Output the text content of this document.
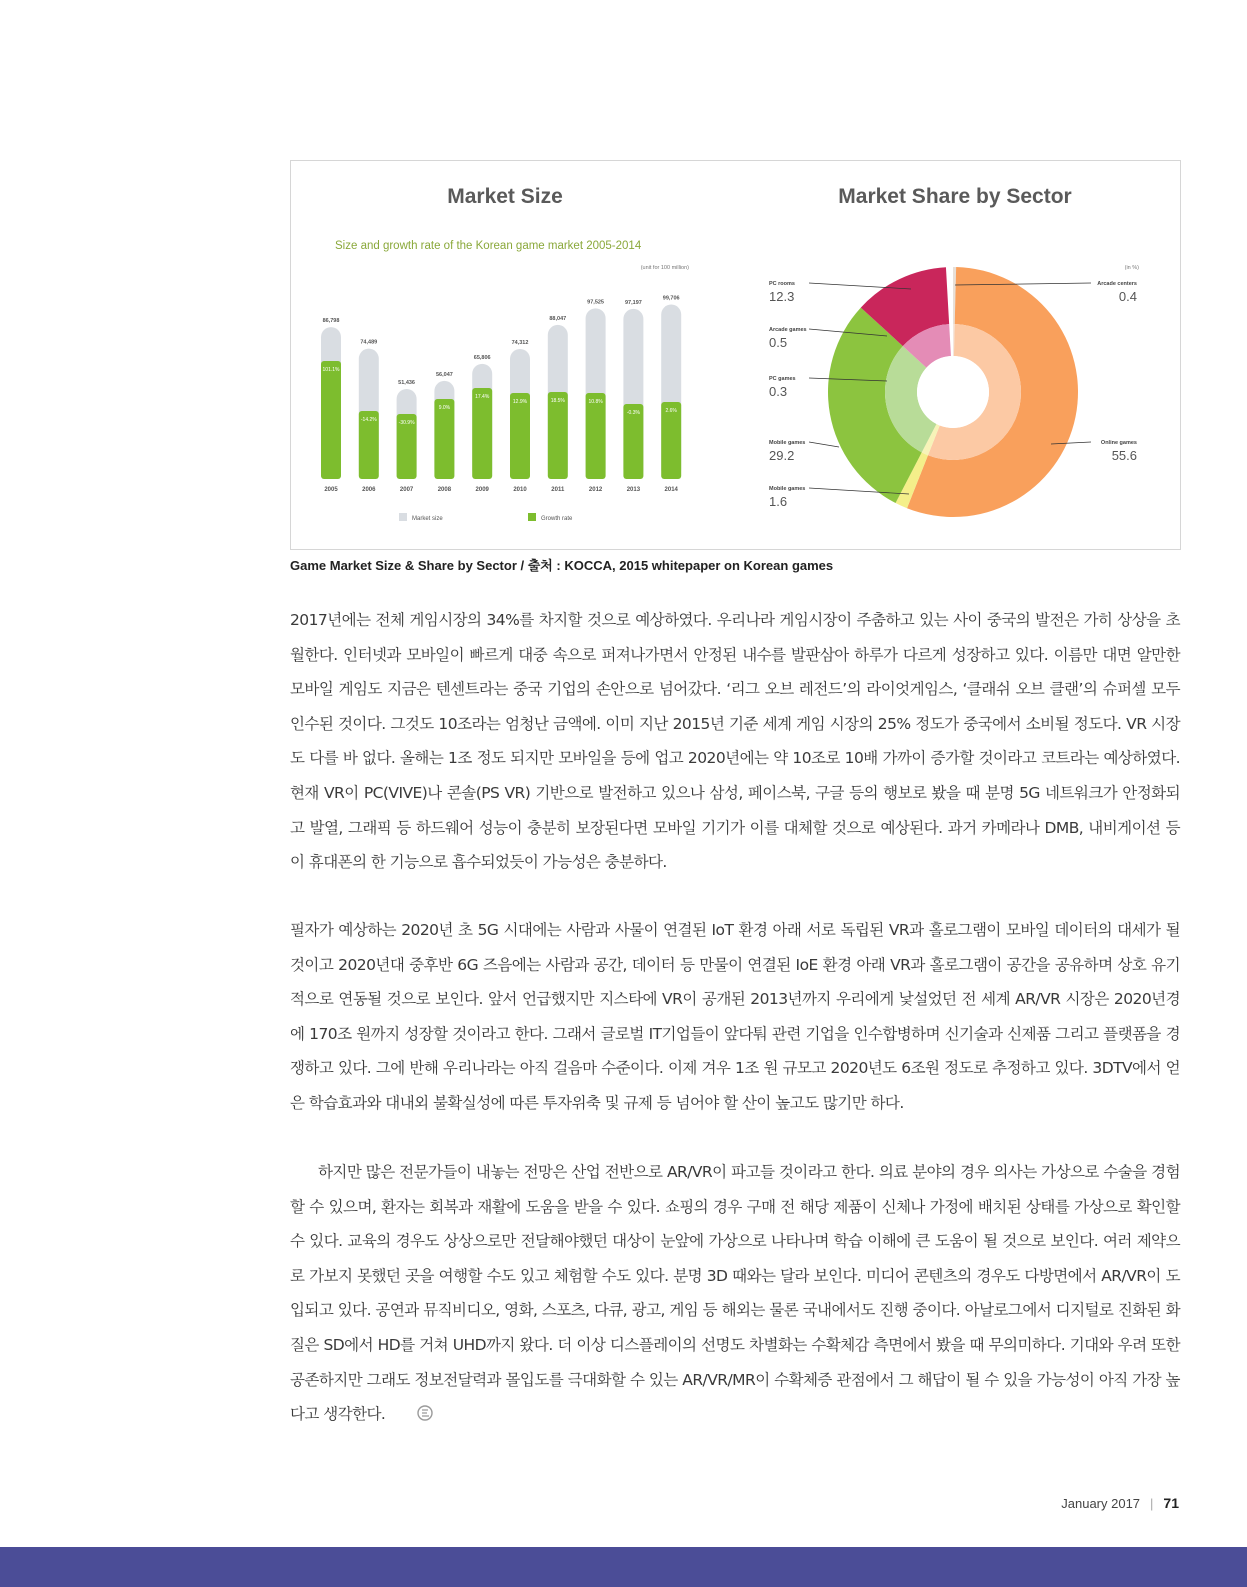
Market Size
Size and growth rate of the Korean game market 2005-2014
(unit for 100 million)
86,798
101.1%
2005
74,489
-14.2%
2006
51,436
-30.9%
2007
56,047
9.0%
2008
65,806
17.4%
2009
74,312
12.9%
2010
88,047
18.5%
2011
97,525
10.8%
2012
97,197
-0.3%
2013
99,706
2.6%
2014
Market size	Growth rate
Market Share by Sector
(in %)
PC rooms
12.3
Arcade games
0.5
PC games
0.3
Mobile games
29.2
Mobile games
1.6
Arcade centers
0.4
Online games
55.6
Game Market Size & Share by Sector / 출처 : KOCCA, 2015 whitepaper on Korean games

2017년에는 전체 게임시장의 34%를 차지할 것으로 예상하였다. 우리나라 게임시장이 주춤하고 있는 사이 중국의 발전은 가히 상상을 초월한다. 인터넷과 모바일이 빠르게 대중 속으로 퍼져나가면서 안정된 내수를 발판삼아 하루가 다르게 성장하고 있다. 이름만 대면 알만한 모바일 게임도 지금은 텐센트라는 중국 기업의 손안으로 넘어갔다. ‘리그 오브 레전드’의 라이엇게임스, ‘클래쉬 오브 클랜’의 슈퍼셀 모두 인수된 것이다. 그것도 10조라는 엄청난 금액에. 이미 지난 2015년 기준 세계 게임 시장의 25% 정도가 중국에서 소비될 정도다. VR 시장도 다를 바 없다. 올해는 1조 정도 되지만 모바일을 등에 업고 2020년에는 약 10조로 10배 가까이 증가할 것이라고 코트라는 예상하였다. 현재 VR이 PC(VIVE)나 콘솔(PS VR) 기반으로 발전하고 있으나 삼성, 페이스북, 구글 등의 행보로 봤을 때 분명 5G 네트워크가 안정화되고 발열, 그래픽 등 하드웨어 성능이 충분히 보장된다면 모바일 기기가 이를 대체할 것으로 예상된다. 과거 카메라나 DMB, 내비게이션 등이 휴대폰의 한 기능으로 흡수되었듯이 가능성은 충분하다.

필자가 예상하는 2020년 초 5G 시대에는 사람과 사물이 연결된 IoT 환경 아래 서로 독립된 VR과 홀로그램이 모바일 데이터의 대세가 될 것이고 2020년대 중후반 6G 즈음에는 사람과 공간, 데이터 등 만물이 연결된 IoE 환경 아래 VR과 홀로그램이 공간을 공유하며 상호 유기적으로 연동될 것으로 보인다. 앞서 언급했지만 지스타에 VR이 공개된 2013년까지 우리에게 낯설었던 전 세계 AR/VR 시장은 2020년경에 170조 원까지 성장할 것이라고 한다. 그래서 글로벌 IT기업들이 앞다퉈 관련 기업을 인수합병하며 신기술과 신제품 그리고 플랫폼을 경쟁하고 있다. 그에 반해 우리나라는 아직 걸음마 수준이다. 이제 겨우 1조 원 규모고 2020년도 6조원 정도로 추정하고 있다. 3DTV에서 얻은 학습효과와 대내외 불확실성에 따른 투자위축 및 규제 등 넘어야 할 산이 높고도 많기만 하다.

하지만 많은 전문가들이 내놓는 전망은 산업 전반으로 AR/VR이 파고들 것이라고 한다. 의료 분야의 경우 의사는 가상으로 수술을 경험할 수 있으며, 환자는 회복과 재활에 도움을 받을 수 있다. 쇼핑의 경우 구매 전 해당 제품이 신체나 가정에 배치된 상태를 가상으로 확인할 수 있다. 교육의 경우도 상상으로만 전달해야했던 대상이 눈앞에 가상으로 나타나며 학습 이해에 큰 도움이 될 것으로 보인다. 여러 제약으로 가보지 못했던 곳을 여행할 수도 있고 체험할 수도 있다. 분명 3D 때와는 달라 보인다. 미디어 콘텐츠의 경우도 다방면에서 AR/VR이 도입되고 있다. 공연과 뮤직비디오, 영화, 스포츠, 다큐, 광고, 게임 등 해외는 물론 국내에서도 진행 중이다. 아날로그에서 디지털로 진화된 화질은 SD에서 HD를 거쳐 UHD까지 왔다. 더 이상 디스플레이의 선명도 차별화는 수확체감 측면에서 봤을 때 무의미하다. 기대와 우려 또한 공존하지만 그래도 정보전달력과 몰입도를 극대화할 수 있는 AR/VR/MR이 수확체증 관점에서 그 해답이 될 수 있을 가능성이 아직 가장 높다고 생각한다.

January 2017 | 71
